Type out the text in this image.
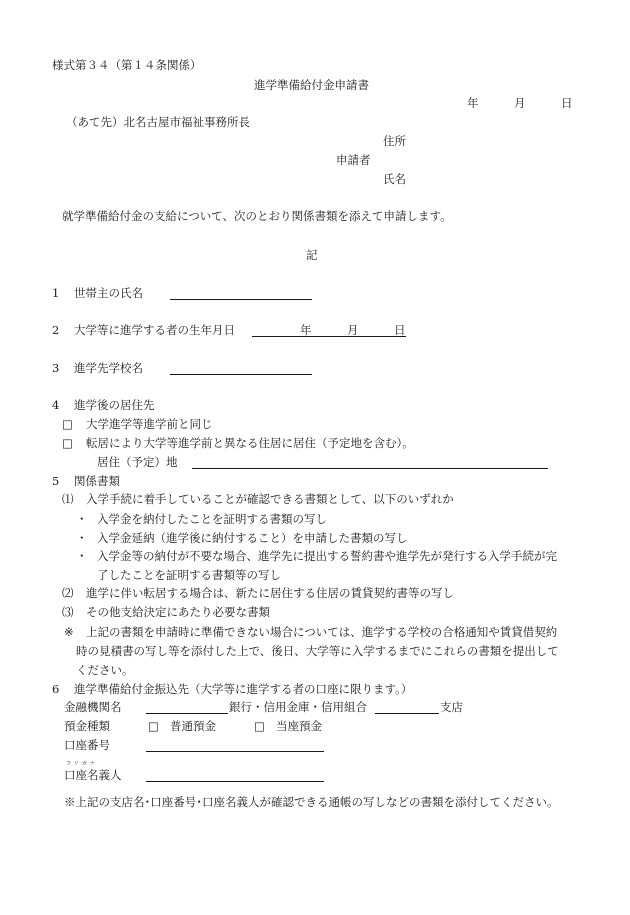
様式第３４（第１４条関係）
進学準備給付金申請書
年	月	日
（あて先）北名古屋市福祉事務所長
住所
申請者
氏名
就学準備給付金の支給について、次のとおり関係書類を添えて申請します。
記
1 世帯主の氏名
2 大学等に進学する者の生年月日	年	月	日
3 進学先学校名
4 進学後の居住先
□ 大学進学等進学前と同じ
□ 転居により大学等進学前と異なる住居に居住（予定地を含む）。
居住（予定）地
5 関係書類
⑴ 入学手続に着手していることが確認できる書類として、以下のいずれか
・ 入学金を納付したことを証明する書類の写し
・ 入学金延納（進学後に納付すること）を申請した書類の写し
・ 入学金等の納付が不要な場合、進学先に提出する誓約書や進学先が発行する入学手続が完
了したことを証明する書類等の写し
⑵ 進学に伴い転居する場合は、新たに居住する住居の賃貸契約書等の写し
⑶ その他支給決定にあたり必要な書類
※ 上記の書類を申請時に準備できない場合については、進学する学校の合格通知や賃貸借契約
時の見積書の写し等を添付した上で、後日、大学等に入学するまでにこれらの書類を提出して
ください。
6 進学準備給付金振込先（大学等に進学する者の口座に限ります。）
金融機関名	銀行・信用金庫・信用組合	支店
預金種類	□ 普通預金	□ 当座預金
口座番号
フリガナ
口座名義人
※上記の支店名･口座番号･口座名義人が確認できる通帳の写しなどの書類を添付してください。
